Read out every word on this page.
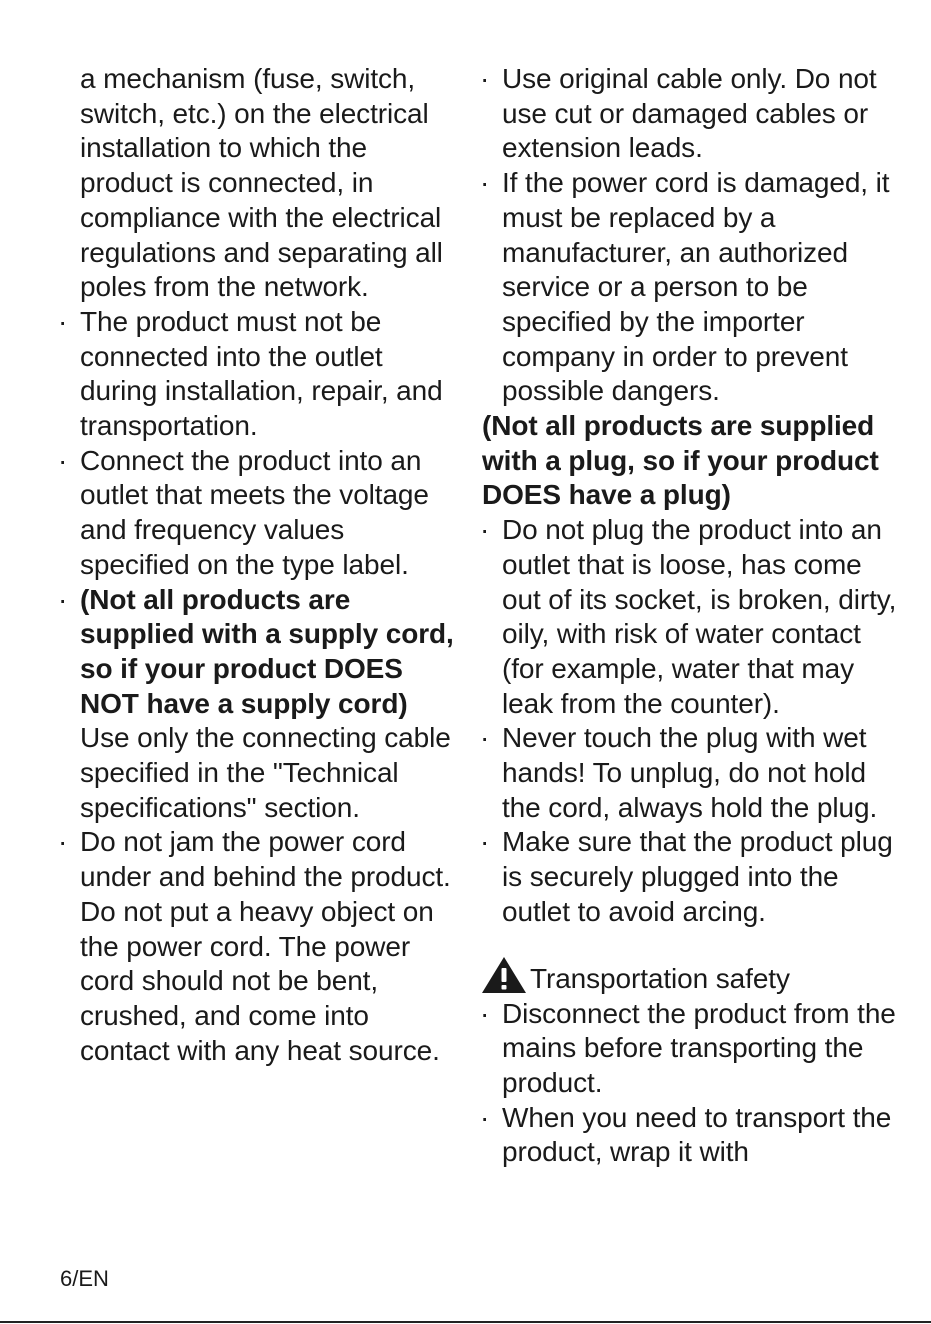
a mechanism (fuse, switch, switch, etc.) on the electrical installation to which the product is connected, in compliance with the electrical regulations and separating all poles from the network.
· The product must not be connected into the outlet during installation, repair, and transportation.
· Connect the product into an outlet that meets the voltage and frequency values specified on the type label.
· (Not all products are supplied with a supply cord, so if your product DOES NOT have a supply cord)
Use only the connecting cable specified in the "Technical specifications" section.
· Do not jam the power cord under and behind the product. Do not put a heavy object on the power cord. The power cord should not be bent, crushed, and come into contact with any heat source.
· Use original cable only. Do not use cut or damaged cables or extension leads.
· If the power cord is damaged, it must be replaced by a manufacturer, an authorized service or a person to be specified by the importer company in order to prevent possible dangers.
(Not all products are supplied with a plug, so if your product DOES have a plug)
· Do not plug the product into an outlet that is loose, has come out of its socket, is broken, dirty, oily, with risk of water contact (for example, water that may leak from the counter).
· Never touch the plug with wet hands! To unplug, do not hold the cord, always hold the plug.
· Make sure that the product plug is securely plugged into the outlet to avoid arcing.
Transportation safety
· Disconnect the product from the mains before transporting the product.
· When you need to transport the product, wrap it with
6/EN
